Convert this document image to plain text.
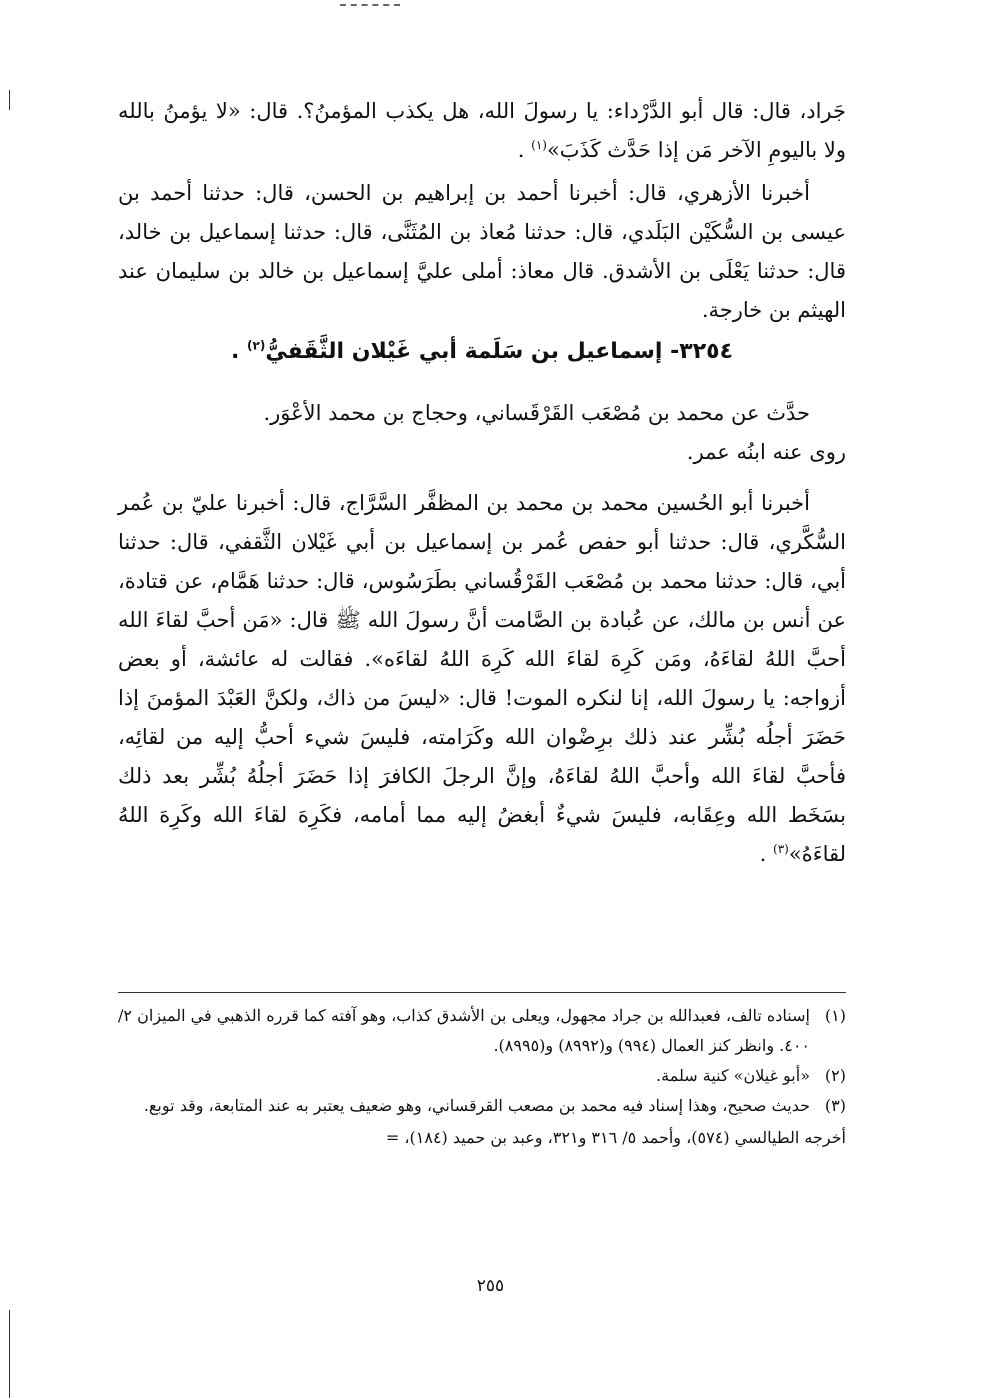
جَراد، قال: قال أبو الدَّرْداء: يا رسولَ الله، هل يكذب المؤمنُ؟. قال: «لا يؤمنُ بالله ولا باليومِ الآخر مَن إذا حَدَّث كَذَبَ»$^{(١)}$ .

أخبرنا الأزهري، قال: أخبرنا أحمد بن إبراهيم بن الحسن، قال: حدثنا أحمد بن عيسى بن السُّكَيْن البَلَدي، قال: حدثنا مُعاذ بن المُثَنَّى، قال: حدثنا إسماعيل بن خالد، قال: حدثنا يَعْلَى بن الأشدق. قال معاذ: أملى عليَّ إسماعيل بن خالد بن سليمان عند الهيثم بن خارجة.

٣٢٥٤- إسماعيل بن سَلَمة أبي غَيْلان الثَّقَفيُّ$^{(٢)}$ .

حدَّث عن محمد بن مُصْعَب القَرْقَساني، وحجاج بن محمد الأعْوَر.

روى عنه ابنُه عمر.

أخبرنا أبو الحُسين محمد بن محمد بن المظفَّر السَّرَّاج، قال: أخبرنا عليّ بن عُمر السُّكَّري، قال: حدثنا أبو حفص عُمر بن إسماعيل بن أبي غَيْلان الثَّقفي، قال: حدثنا أبي، قال: حدثنا محمد بن مُصْعَب القَرْقُساني بطَرَسُوس، قال: حدثنا هَمَّام، عن قتادة، عن أنس بن مالك، عن عُبادة بن الصَّامت أنَّ رسولَ الله ﷺ قال: «مَن أحبَّ لقاءَ الله أحبَّ اللهُ لقاءَهُ، ومَن كَرِهَ لقاءَ الله كَرِهَ اللهُ لقاءَه». فقالت له عائشة، أو بعض أزواجه: يا رسولَ الله، إنا لنكره الموت! قال: «ليسَ من ذاك، ولكنَّ العَبْدَ المؤمنَ إذا حَضَرَ أجلُه بُشِّر عند ذلك برِضْوان الله وكَرَامته، فليسَ شيء أحبُّ إليه من لقائِه، فأحبَّ لقاءَ الله وأحبَّ اللهُ لقاءَهُ، وإنَّ الرجلَ الكافرَ إذا حَضَرَ أجلُهُ بُشِّر بعد ذلك بسَخَط الله وعِقَابه، فليسَ شيءٌ أبغضُ إليه مما أمامه، فكَرِهَ لقاءَ الله وكَرِهَ اللهُ لقاءَهُ»$^{(٣)}$ .

(١)
إسناده تالف، فعبدالله بن جراد مجهول، ويعلى بن الأشدق كذاب، وهو آفته كما قرره الذهبي في الميزان ٢/ ٤٠٠. وانظر كنز العمال (٩٩٤) و(٨٩٩٢) و(٨٩٩٥).
(٢)
«أبو غيلان» كنية سلمة.
(٣)
حديث صحيح، وهذا إسناد فيه محمد بن مصعب القرقساني، وهو ضعيف يعتبر به عند المتابعة، وقد توبع.
أخرجه الطيالسي (٥٧٤)، وأحمد ٥/ ٣١٦ و٣٢١، وعبد بن حميد (١٨٤)، =
٢٥٥
